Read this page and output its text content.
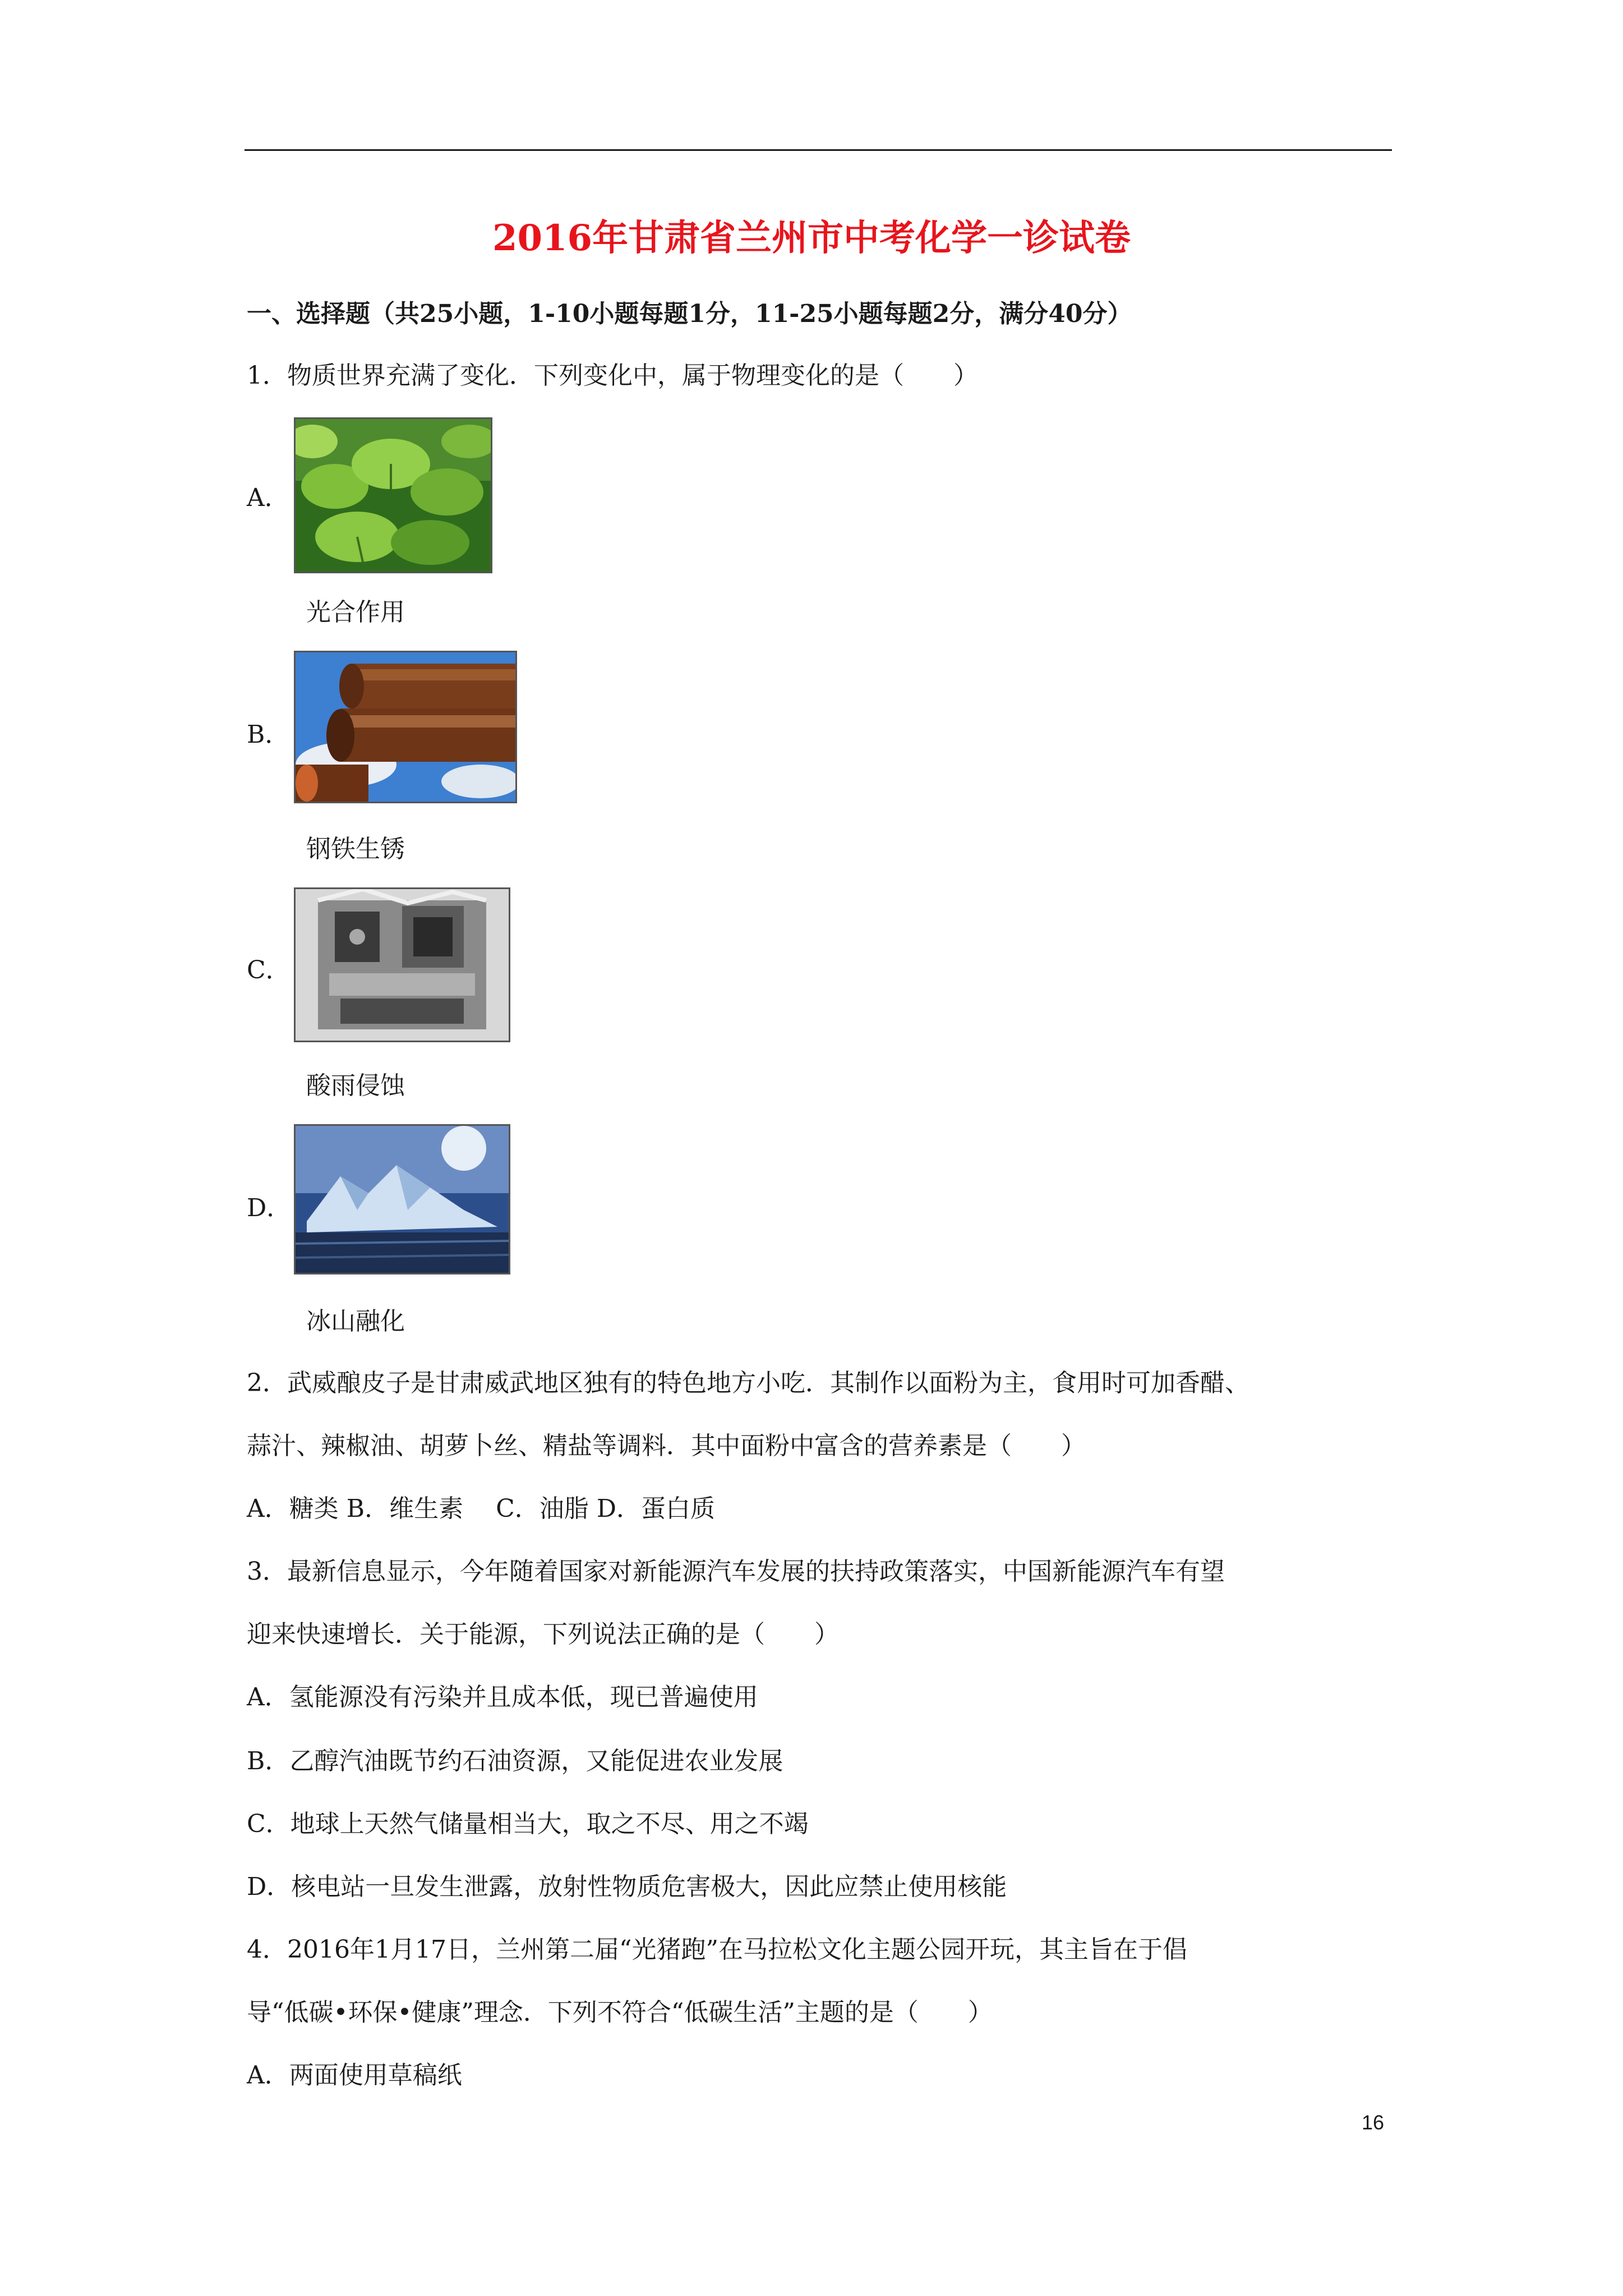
2016年甘肃省兰州市中考化学一诊试卷
一、选择题（共25小题，1-10小题每题1分，11-25小题每题2分，满分40分）
1．物质世界充满了变化．下列变化中，属于物理变化的是（　　）
A．
光合作用
B．
钢铁生锈
C．
酸雨侵蚀
D．
冰山融化
2．武威酿皮子是甘肃威武地区独有的特色地方小吃．其制作以面粉为主，食用时可加香醋、
蒜汁、辣椒油、胡萝卜丝、精盐等调料．其中面粉中富含的营养素是（　　）
A．糖类 B．维生素　 C．油脂 D．蛋白质
3．最新信息显示，今年随着国家对新能源汽车发展的扶持政策落实，中国新能源汽车有望
迎来快速增长．关于能源，下列说法正确的是（　　）
A．氢能源没有污染并且成本低，现已普遍使用
B．乙醇汽油既节约石油资源，又能促进农业发展
C．地球上天然气储量相当大，取之不尽、用之不竭
D．核电站一旦发生泄露，放射性物质危害极大，因此应禁止使用核能
4．2016年1月17日，兰州第二届“光猪跑”在马拉松文化主题公园开玩，其主旨在于倡
导“低碳•环保•健康”理念．下列不符合“低碳生活”主题的是（　　）
A．两面使用草稿纸
16
